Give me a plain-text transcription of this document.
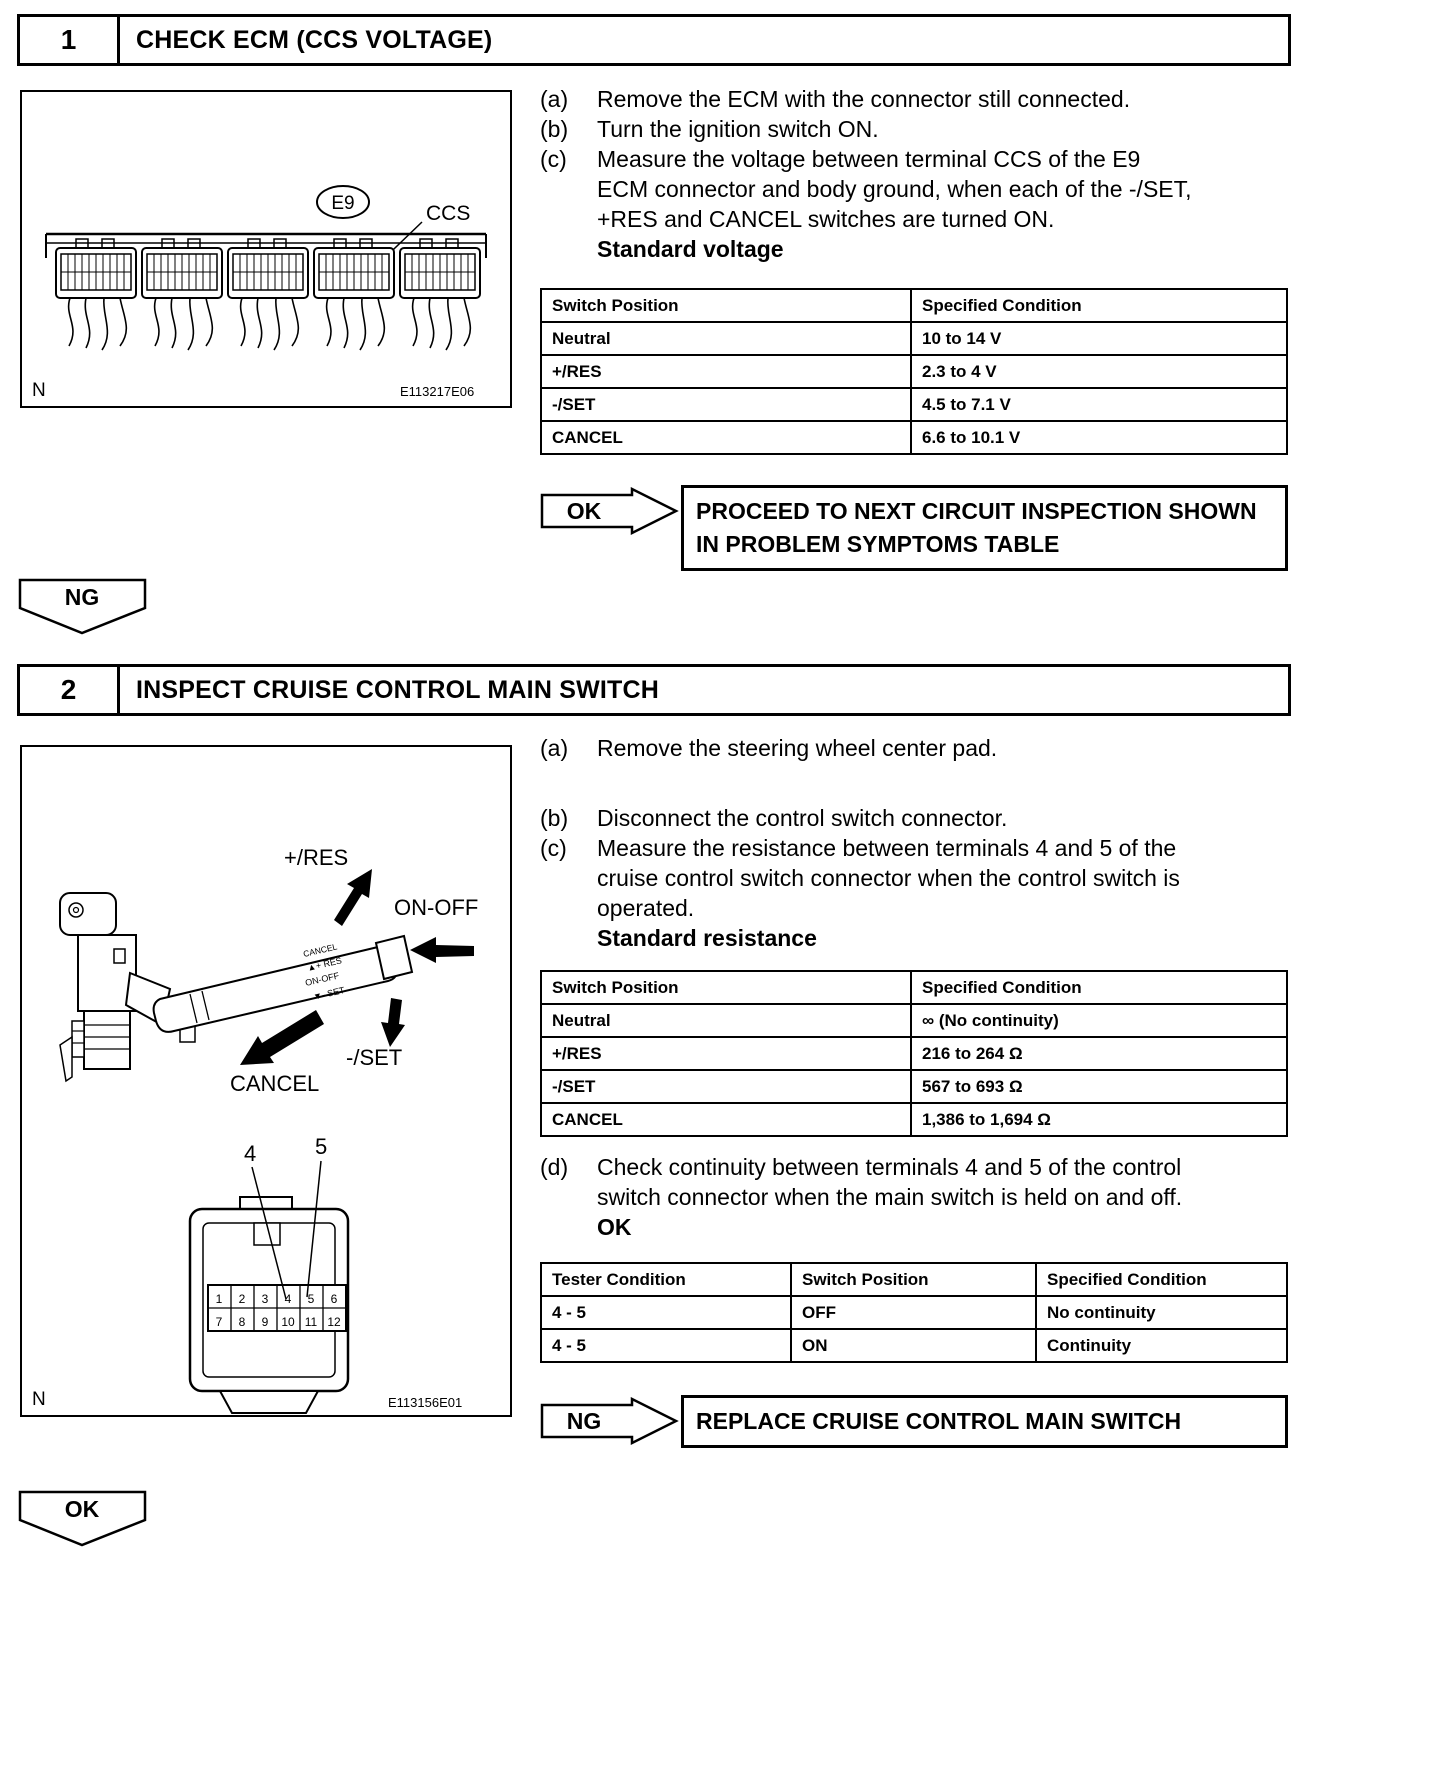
1	CHECK ECM (CCS VOLTAGE)
E9	CCS
N	E113217E06
(a)	Remove the ECM with the connector still connected.
(b)	Turn the ignition switch ON.
(c)	Measure the voltage between terminal CCS of the E9 ECM connector and body ground, when each of the -/SET, +RES and CANCEL switches are turned ON.
Standard voltage
Switch Position	Specified Condition
Neutral	10 to 14 V
+/RES	2.3 to 4 V
-/SET	4.5 to 7.1 V
CANCEL	6.6 to 10.1 V
OK	PROCEED TO NEXT CIRCUIT INSPECTION SHOWN IN PROBLEM SYMPTOMS TABLE
NG
2	INSPECT CRUISE CONTROL MAIN SWITCH
CANCEL
▲+ RES
ON-OFF
▼- SET
+/RES
ON-OFF
CANCEL
-/SET
4	5
1 2 3 4 5 6
7 8 9 10 11 12
N	E113156E01
(a)	Remove the steering wheel center pad.
(b)	Disconnect the control switch connector.
(c)	Measure the resistance between terminals 4 and 5 of the cruise control switch connector when the control switch is operated.
Standard resistance
Switch Position	Specified Condition
Neutral	∞ (No continuity)
+/RES	216 to 264 Ω
-/SET	567 to 693 Ω
CANCEL	1,386 to 1,694 Ω
(d)	Check continuity between terminals 4 and 5 of the control switch connector when the main switch is held on and off.
OK
Tester Condition	Switch Position	Specified Condition
4 - 5	OFF	No continuity
4 - 5	ON	Continuity
NG	REPLACE CRUISE CONTROL MAIN SWITCH
OK
